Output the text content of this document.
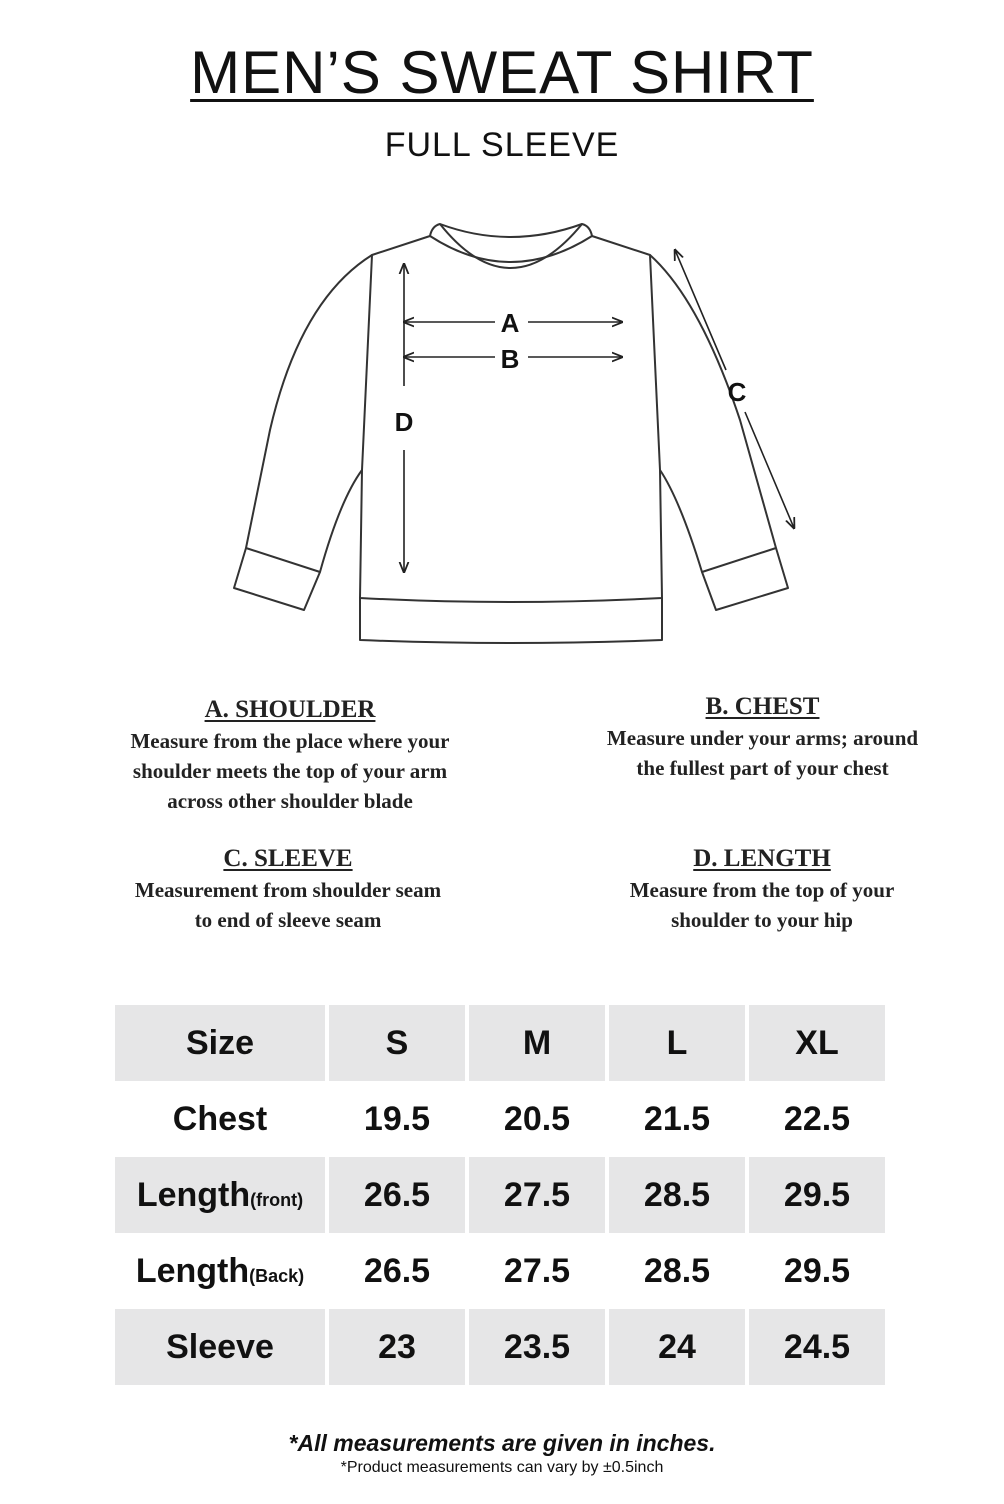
MEN’S SWEAT SHIRT
FULL SLEEVE
A
B
C
D
A. SHOULDER
Measure from the place where your
shoulder meets the top of your arm
across other shoulder blade
B. CHEST
Measure under your arms; around
the fullest part of your chest
C. SLEEVE
Measurement from shoulder seam
to end of sleeve seam
D. LENGTH
Measure from the top of your
shoulder to your hip
Size	S	M	L	XL
Chest	19.5	20.5	21.5	22.5
Length(front)	26.5	27.5	28.5	29.5
Length(Back)	26.5	27.5	28.5	29.5
Sleeve	23	23.5	24	24.5
*All measurements are given in inches.
*Product measurements can vary by ±0.5inch
